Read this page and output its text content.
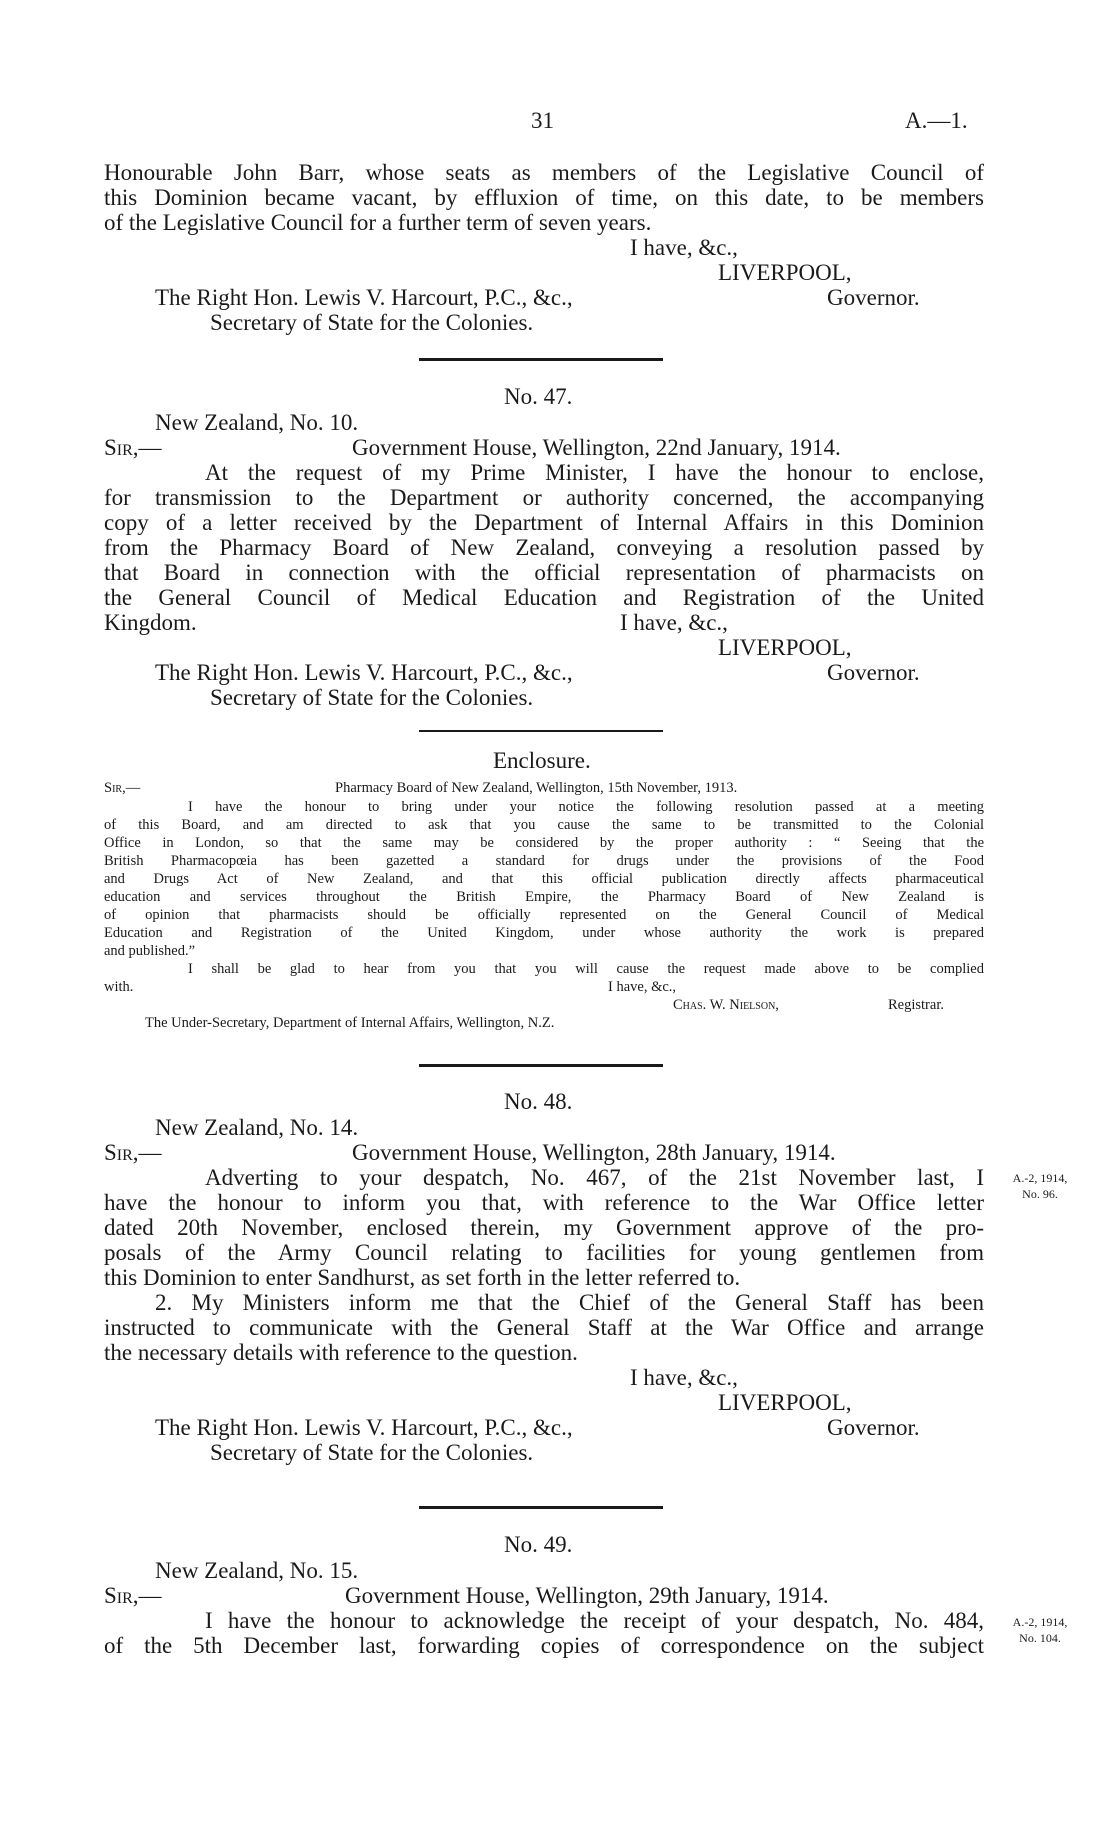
31	A.—1.
Honourable John Barr, whose seats as members of the Legislative Council of
this Dominion became vacant, by effluxion of time, on this date, to be members
of the Legislative Council for a further term of seven years.
I have, &c.,
LIVERPOOL,
The Right Hon. Lewis V. Harcourt, P.C., &c.,	Governor.
Secretary of State for the Colonies.
No. 47.
New Zealand, No. 10.
Sir,—	Government House, Wellington, 22nd January, 1914.
At the request of my Prime Minister, I have the honour to enclose,
for transmission to the Department or authority concerned, the accompanying
copy of a letter received by the Department of Internal Affairs in this Dominion
from the Pharmacy Board of New Zealand, conveying a resolution passed by
that Board in connection with the official representation of pharmacists on
the General Council of Medical Education and Registration of the United
Kingdom.	I have, &c.,
LIVERPOOL,
The Right Hon. Lewis V. Harcourt, P.C., &c.,	Governor.
Secretary of State for the Colonies.
Enclosure.
Sir,—	Pharmacy Board of New Zealand, Wellington, 15th November, 1913.
I have the honour to bring under your notice the following resolution passed at a meeting
of this Board, and am directed to ask that you cause the same to be transmitted to the Colonial
Office in London, so that the same may be considered by the proper authority : “ Seeing that the
British Pharmacopœia has been gazetted a standard for drugs under the provisions of the Food
and Drugs Act of New Zealand, and that this official publication directly affects pharmaceutical
education and services throughout the British Empire, the Pharmacy Board of New Zealand is
of opinion that pharmacists should be officially represented on the General Council of Medical
Education and Registration of the United Kingdom, under whose authority the work is prepared
and published.”
I shall be glad to hear from you that you will cause the request made above to be complied
with.	I have, &c.,
Chas. W. Nielson,	Registrar.
The Under-Secretary, Department of Internal Affairs, Wellington, N.Z.
No. 48.
New Zealand, No. 14.
Sir,—	Government House, Wellington, 28th January, 1914.
Adverting to your despatch, No. 467, of the 21st November last, I
have the honour to inform you that, with reference to the War Office letter
dated 20th November, enclosed therein, my Government approve of the pro-
posals of the Army Council relating to facilities for young gentlemen from
this Dominion to enter Sandhurst, as set forth in the letter referred to.
2. My Ministers inform me that the Chief of the General Staff has been
instructed to communicate with the General Staff at the War Office and arrange
the necessary details with reference to the question.
I have, &c.,
LIVERPOOL,
The Right Hon. Lewis V. Harcourt, P.C., &c.,	Governor.
Secretary of State for the Colonies.
A.-2, 1914,
No. 96.
No. 49.
New Zealand, No. 15.
Sir,—	Government House, Wellington, 29th January, 1914.
I have the honour to acknowledge the receipt of your despatch, No. 484,
of the 5th December last, forwarding copies of correspondence on the subject
A.-2, 1914,
No. 104.
